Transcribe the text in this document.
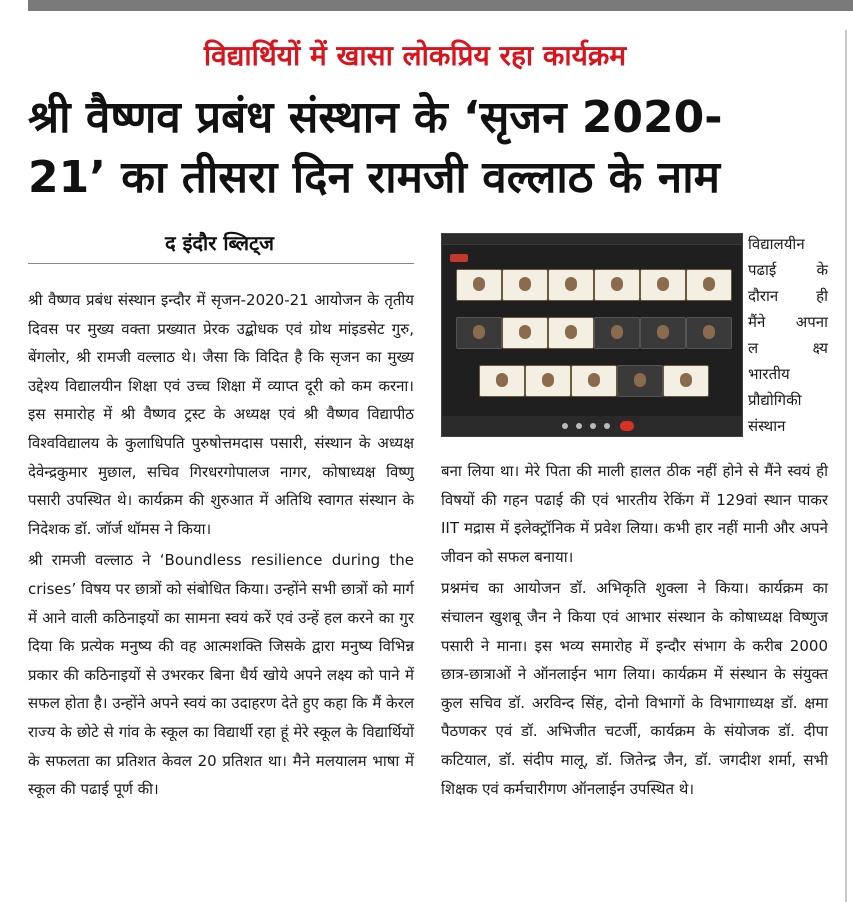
विद्यार्थियों में खासा लोकप्रिय रहा कार्यक्रम
श्री वैष्णव प्रबंध संस्थान के ‘सृजन 2020-
21’ का तीसरा दिन रामजी वल्लाठ के नाम
द इंदौर ब्लिट्ज

श्री वैष्णव प्रबंध संस्थान इन्दौर में सृजन-2020-21 आयोजन के तृतीय दिवस पर मुख्य वक्ता प्रख्यात प्रेरक उद्बोधक एवं ग्रोथ मांइडसेट गुरु, बेंगलोर, श्री रामजी वल्लाठ थे। जैसा कि विदित है कि सृजन का मुख्य उद्देश्य विद्यालयीन शिक्षा एवं उच्च शिक्षा में व्याप्त दूरी को कम करना। इस समारोह में श्री वैष्णव ट्रस्ट के अध्यक्ष एवं श्री वैष्णव विद्यापीठ विश्वविद्यालय के कुलाधिपति पुरुषोत्तमदास पसारी, संस्थान के अध्यक्ष देवेन्द्रकुमार मुछाल, सचिव गिरधरगोपालज नागर, कोषाध्यक्ष विष्णु पसारी उपस्थित थे। कार्यक्रम की शुरुआत में अतिथि स्वागत संस्थान के निदेशक डॉ. जॉर्ज थॉमस ने किया।

श्री रामजी वल्लाठ ने ‘Boundless resilience during the crises’ विषय पर छात्रों को संबोधित किया। उन्होंने सभी छात्रों को मार्ग में आने वाली कठिनाइयों का सामना स्वयं करें एवं उन्हें हल करने का गुर दिया कि प्रत्येक मनुष्य की वह आत्मशक्ति जिसके द्वारा मनुष्य विभिन्न प्रकार की कठिनाइयों से उभरकर बिना धैर्य खोये अपने लक्ष्य को पाने में सफल होता है। उन्होंने अपने स्वयं का उदाहरण देते हुए कहा कि मैं केरल राज्य के छोटे से गांव के स्कूल का विद्यार्थी रहा हूं मेरे स्कूल के विद्यार्थियों के सफलता का प्रतिशत केवल 20 प्रतिशत था। मैने मलयालम भाषा में स्कूल की पढाई पूर्ण की।

विद्यालयीन
पढाई के
दौरान ही
मैंने अपना
ल क्ष्य
भारतीय
प्रौद्योगिकी
संस्थान

बना लिया था। मेरे पिता की माली हालत ठीक नहीं होने से मैंने स्वयं ही विषयों की गहन पढाई की एवं भारतीय रेकिंग में 129वां स्थान पाकर IIT मद्रास में इलेक्ट्रॉनिक में प्रवेश लिया। कभी हार नहीं मानी और अपने जीवन को सफल बनाया।

प्रश्नमंच का आयोजन डॉ. अभिकृति शुक्ला ने किया। कार्यक्रम का संचालन खुशबू जैन ने किया एवं आभार संस्थान के कोषाध्यक्ष विष्णुज पसारी ने माना। इस भव्य समारोह में इन्दौर संभाग के करीब 2000 छात्र-छात्राओं ने ऑनलाईन भाग लिया। कार्यक्रम में संस्थान के संयुक्त कुल सचिव डॉ. अरविन्द सिंह, दोनो विभागों के विभागाध्यक्ष डॉ. क्षमा पैठणकर एवं डॉ. अभिजीत चटर्जी, कार्यक्रम के संयोजक डॉ. दीपा कटियाल, डॉ. संदीप मालू, डॉ. जितेन्द्र जैन, डॉ. जगदीश शर्मा, सभी शिक्षक एवं कर्मचारीगण ऑनलाईन उपस्थित थे।
